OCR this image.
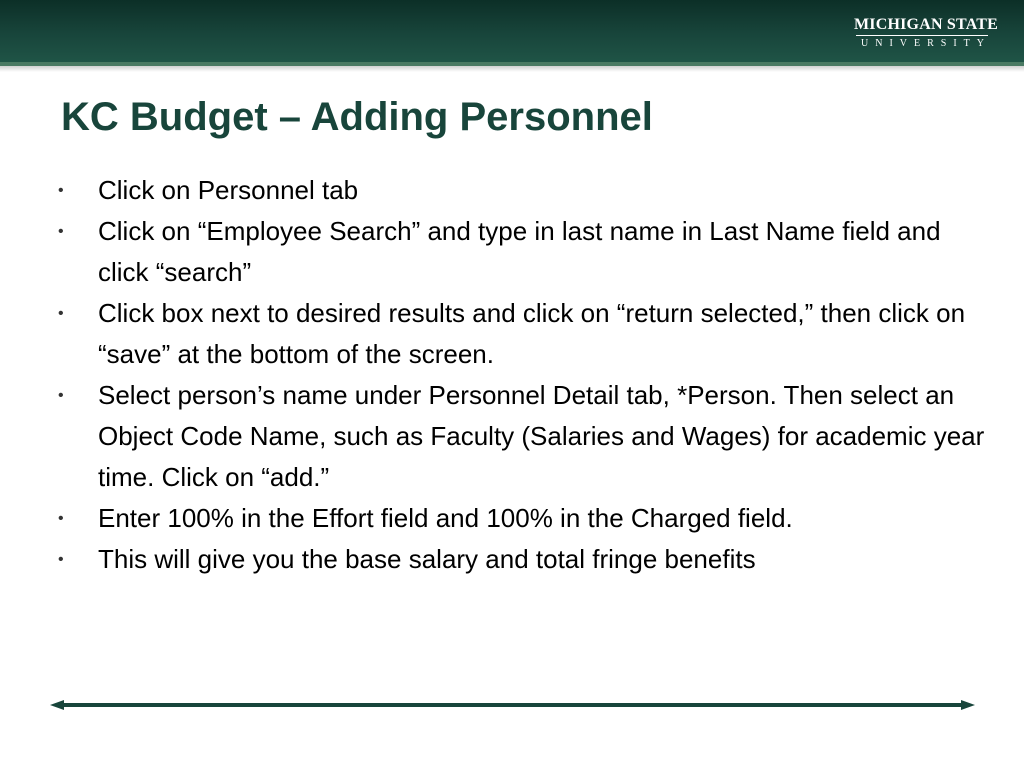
MICHIGAN STATE
UNIVERSITY
KC Budget – Adding Personnel
• Click on Personnel tab
• Click on “Employee Search” and type in last name in Last Name field and click “search”
• Click box next to desired results and click on “return selected,” then click on “save” at the bottom of the screen.
• Select person’s name under Personnel Detail tab, *Person. Then select an Object Code Name, such as Faculty (Salaries and Wages) for academic year time. Click on “add.”
• Enter 100% in the Effort field and 100% in the Charged field.
• This will give you the base salary and total fringe benefits
